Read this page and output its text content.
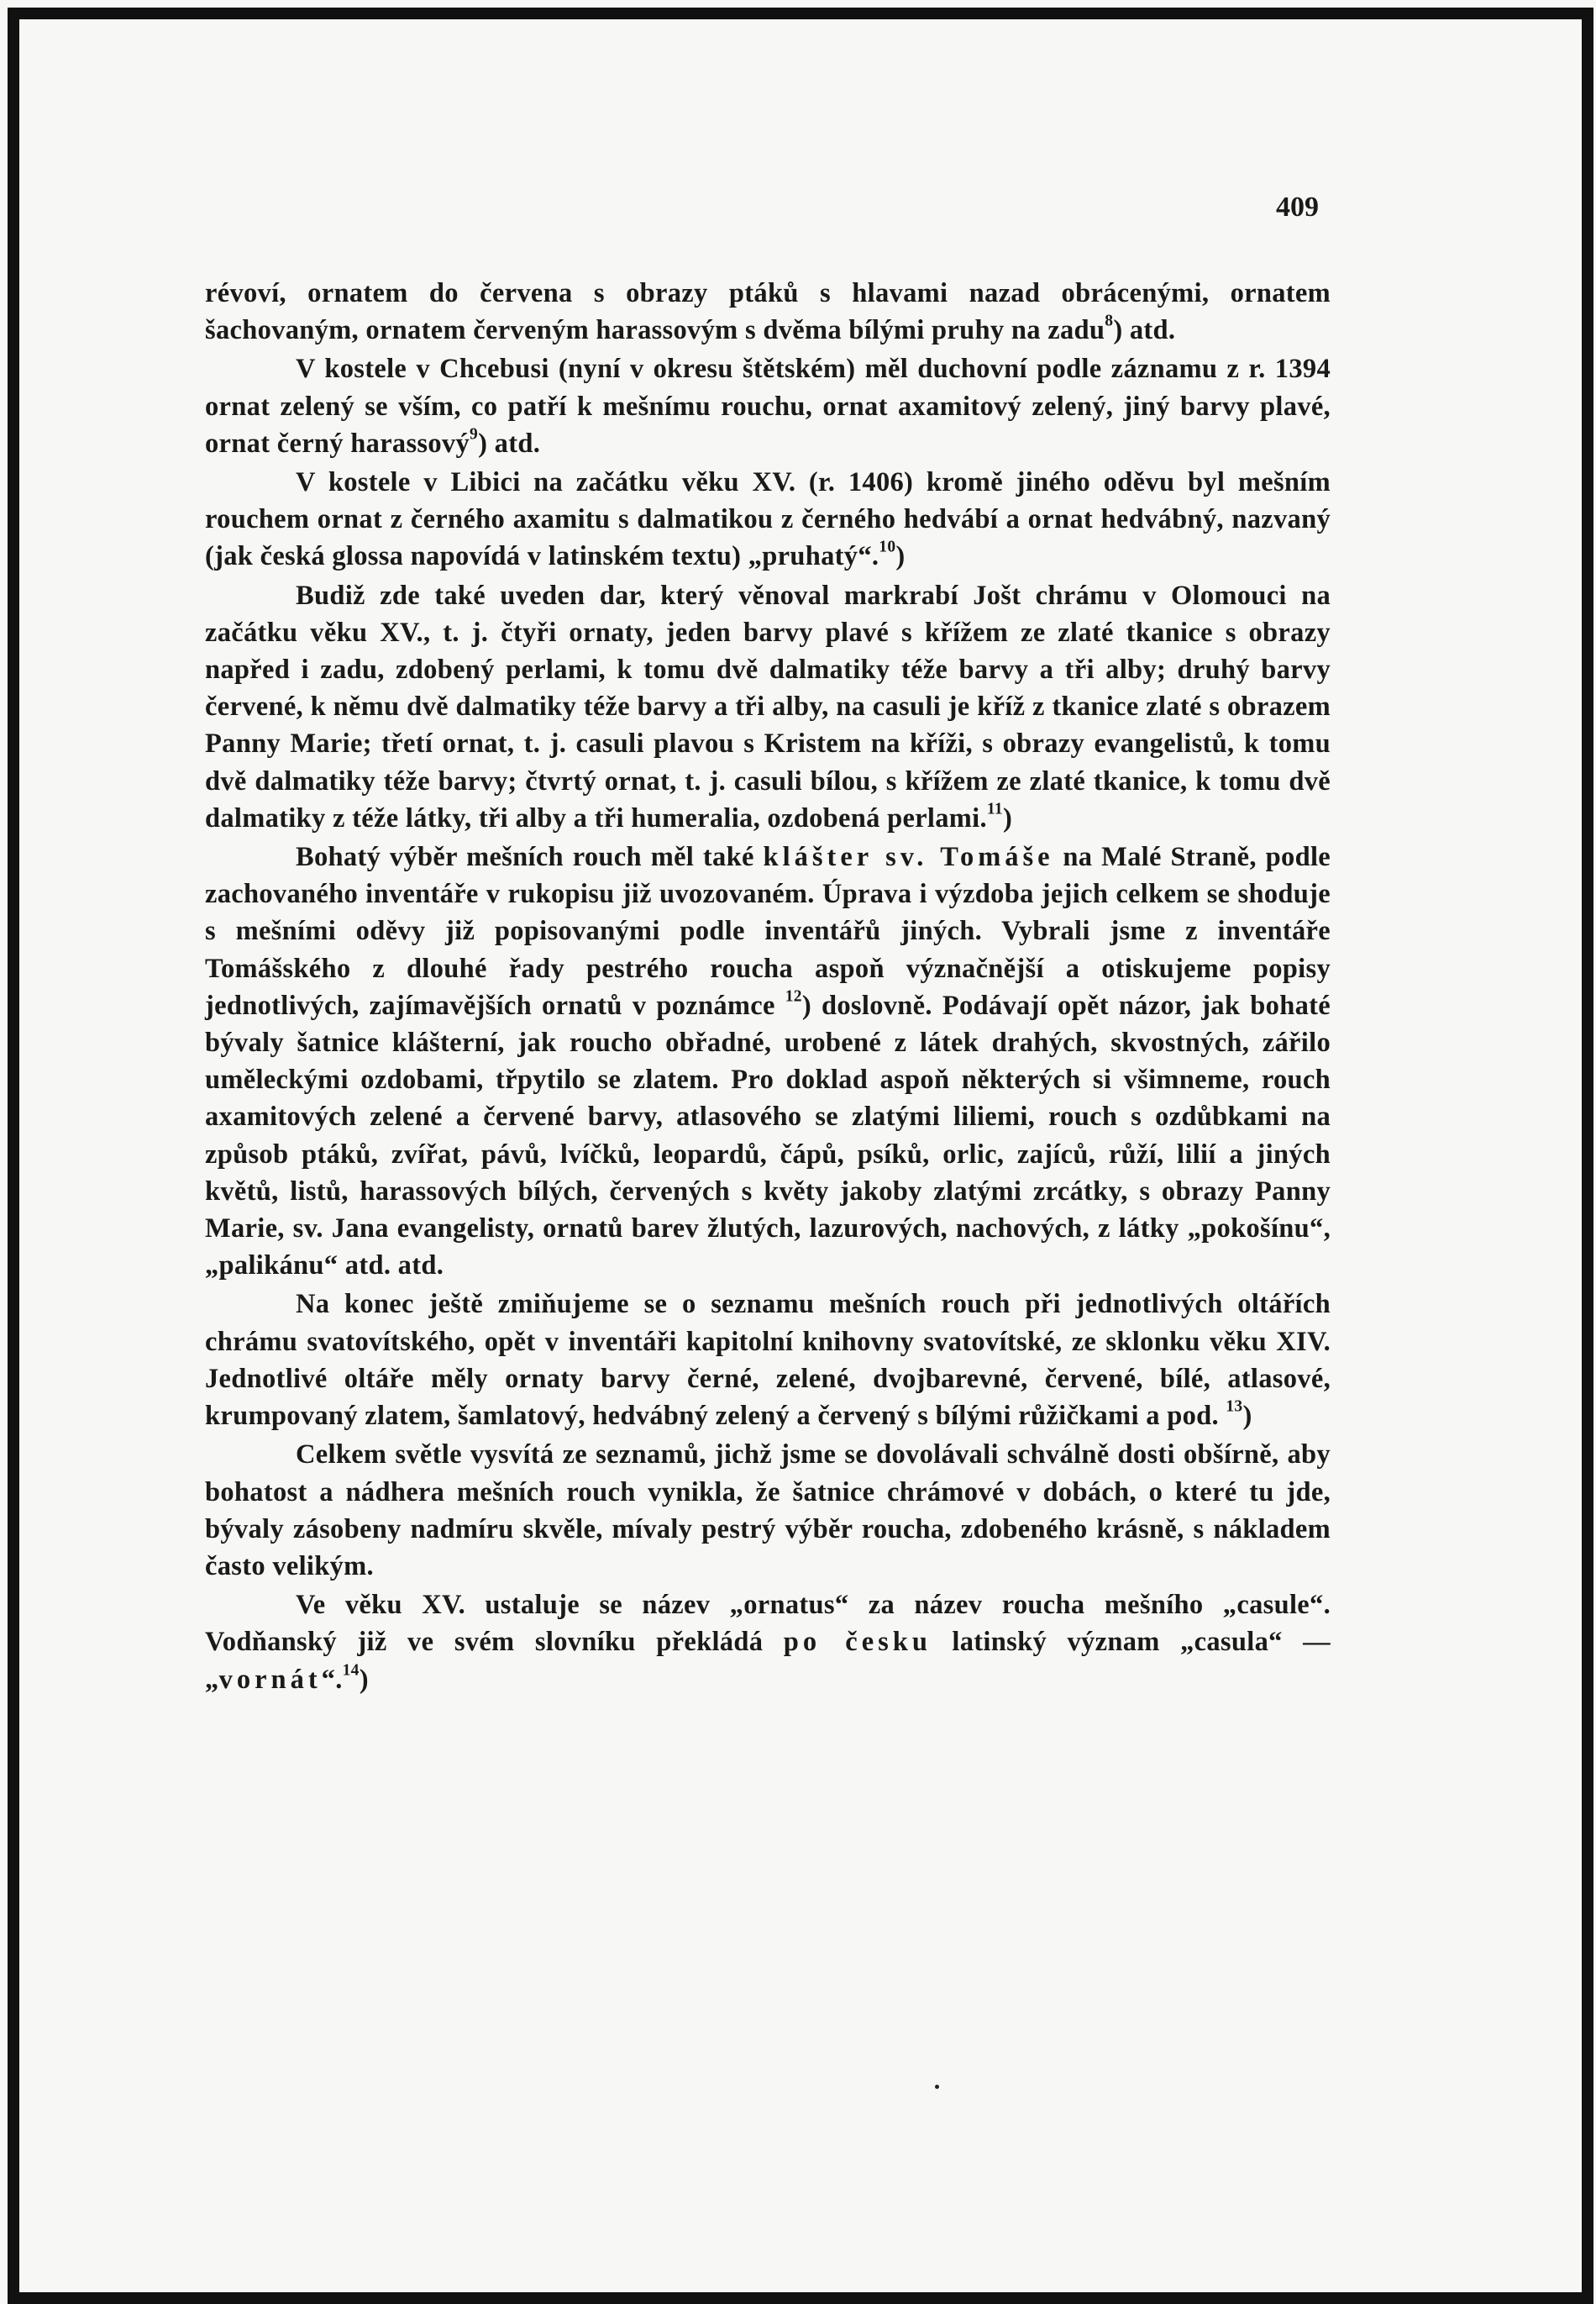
409

révoví, ornatem do červena s obrazy ptáků s hlavami nazad obrácenými, ornatem šachovaným, ornatem červeným harassovým s dvěma bílými pruhy na zadu$^8$) atd.

V kostele v Chcebusi (nyní v okresu štětském) měl duchovní podle záznamu z r. 1394 ornat zelený se vším, co patří k mešnímu rouchu, ornat axamitový zelený, jiný barvy plavé, ornat černý harassový$^9$) atd.

V kostele v Libici na začátku věku XV. (r. 1406) kromě jiného oděvu byl mešním rouchem ornat z černého axamitu s dalmatikou z černého hedvábí a ornat hedvábný, nazvaný (jak česká glossa napovídá v latinském textu) „pruhatý“.$^{10}$)

Budiž zde také uveden dar, který věnoval markrabí Jošt chrámu v Olomouci na začátku věku XV., t. j. čtyři ornaty, jeden barvy plavé s křížem ze zlaté tkanice s obrazy napřed i zadu, zdobený perlami, k tomu dvě dalmatiky téže barvy a tři alby; druhý barvy červené, k němu dvě dalmatiky téže barvy a tři alby, na casuli je kříž z tkanice zlaté s obrazem Panny Marie; třetí ornat, t. j. casuli plavou s Kristem na kříži, s obrazy evangelistů, k tomu dvě dalmatiky téže barvy; čtvrtý ornat, t. j. casuli bílou, s křížem ze zlaté tkanice, k tomu dvě dalmatiky z téže látky, tři alby a tři humeralia, ozdobená perlami.$^{11}$)

Bohatý výběr mešních rouch měl také klášter sv. Tomáše na Malé Straně, podle zachovaného inventáře v rukopisu již uvozovaném. Úprava i výzdoba jejich celkem se shoduje s mešními oděvy již popisovanými podle inventářů jiných. Vybrali jsme z inventáře Tomášského z dlouhé řady pestrého roucha aspoň význačnější a otiskujeme popisy jednotlivých, zajímavějších ornatů v poznámce $^{12}$) doslovně. Podávají opět názor, jak bohaté bývaly šatnice klášterní, jak roucho obřadné, urobené z látek drahých, skvostných, zářilo uměleckými ozdobami, třpytilo se zlatem. Pro doklad aspoň některých si všimneme, rouch axamitových zelené a červené barvy, atlasového se zlatými liliemi, rouch s ozdůbkami na způsob ptáků, zvířat, pávů, lvíčků, leopardů, čápů, psíků, orlic, zajíců, růží, lilií a jiných květů, listů, harassových bílých, červených s květy jakoby zlatými zrcátky, s obrazy Panny Marie, sv. Jana evangelisty, ornatů barev žlutých, lazurových, nachových, z látky „pokošínu“, „palikánu“ atd. atd.

Na konec ještě zmiňujeme se o seznamu mešních rouch při jednotlivých oltářích chrámu svatovítského, opět v inventáři kapitolní knihovny svatovítské, ze sklonku věku XIV. Jednotlivé oltáře měly ornaty barvy černé, zelené, dvojbarevné, červené, bílé, atlasové, krumpovaný zlatem, šamlatový, hedvábný zelený a červený s bílými růžičkami a pod. $^{13}$)

Celkem světle vysvítá ze seznamů, jichž jsme se dovolávali schválně dosti obšírně, aby bohatost a nádhera mešních rouch vynikla, že šatnice chrámové v dobách, o které tu jde, bývaly zásobeny nadmíru skvěle, mívaly pestrý výběr roucha, zdobeného krásně, s nákladem často velikým.

Ve věku XV. ustaluje se název „ornatus“ za název roucha mešního „casule“. Vodňanský již ve svém slovníku překládá po česku latinský význam „casula“ — „vornát“.$^{14}$)
